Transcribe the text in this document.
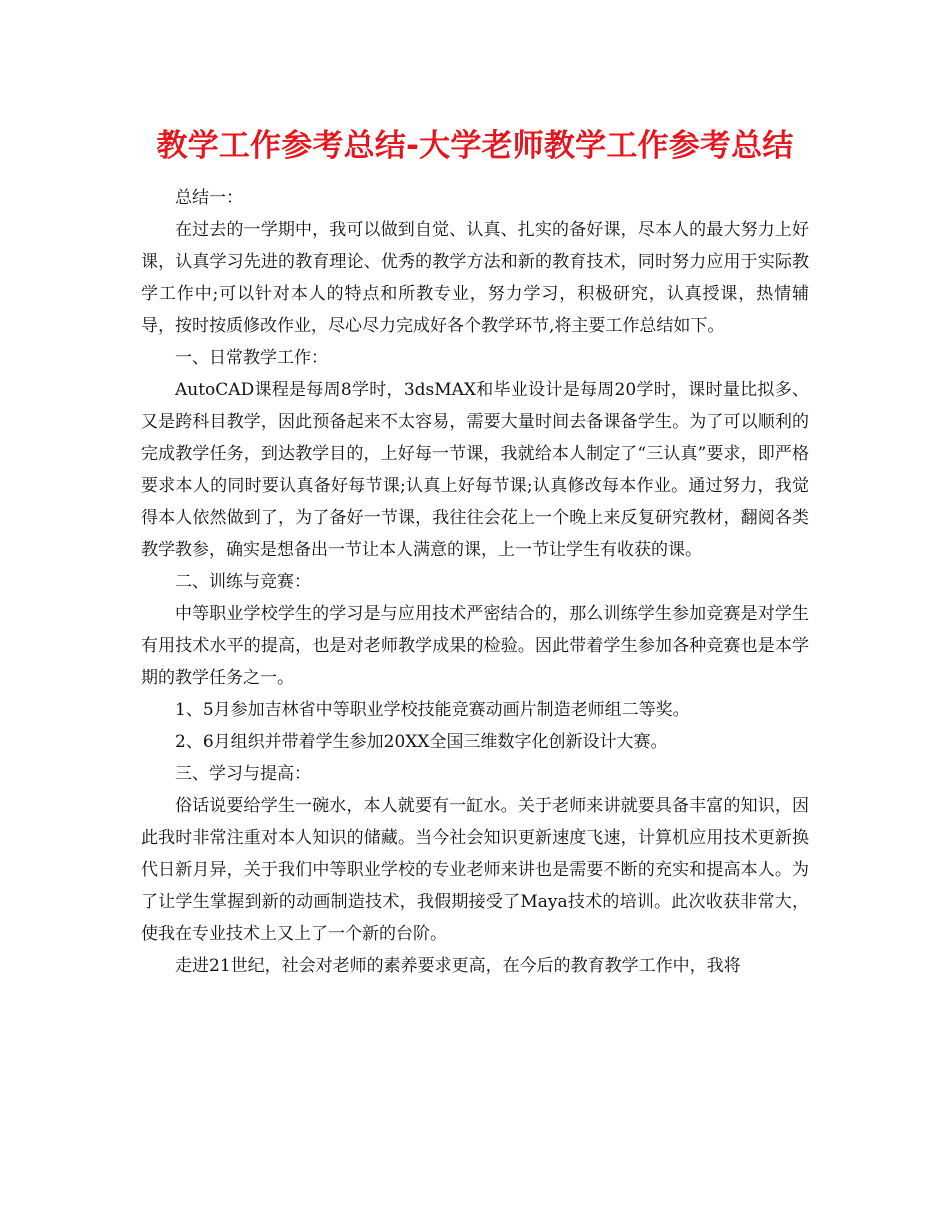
教学工作参考总结-大学老师教学工作参考总结

总结一：

在过去的一学期中，我可以做到自觉、认真、扎实的备好课，尽本人的最大努力上好课，认真学习先进的教育理论、优秀的教学方法和新的教育技术，同时努力应用于实际教学工作中;可以针对本人的特点和所教专业，努力学习，积极研究，认真授课，热情辅导，按时按质修改作业，尽心尽力完成好各个教学环节,将主要工作总结如下。

一、日常教学工作：

AutoCAD课程是每周8学时，3dsMAX和毕业设计是每周20学时，课时量比拟多、又是跨科目教学，因此预备起来不太容易，需要大量时间去备课备学生。为了可以顺利的完成教学任务，到达教学目的，上好每一节课，我就给本人制定了“三认真”要求，即严格要求本人的同时要认真备好每节课;认真上好每节课;认真修改每本作业。通过努力，我觉得本人依然做到了，为了备好一节课，我往往会花上一个晚上来反复研究教材，翻阅各类教学教参，确实是想备出一节让本人满意的课，上一节让学生有收获的课。

二、训练与竞赛：

中等职业学校学生的学习是与应用技术严密结合的，那么训练学生参加竞赛是对学生有用技术水平的提高，也是对老师教学成果的检验。因此带着学生参加各种竞赛也是本学期的教学任务之一。

1、5月参加吉林省中等职业学校技能竞赛动画片制造老师组二等奖。

2、6月组织并带着学生参加20XX全国三维数字化创新设计大赛。

三、学习与提高：

俗话说要给学生一碗水，本人就要有一缸水。关于老师来讲就要具备丰富的知识，因此我时非常注重对本人知识的储藏。当今社会知识更新速度飞速，计算机应用技术更新换代日新月异，关于我们中等职业学校的专业老师来讲也是需要不断的充实和提高本人。为了让学生掌握到新的动画制造技术，我假期接受了Maya技术的培训。此次收获非常大，使我在专业技术上又上了一个新的台阶。

走进21世纪，社会对老师的素养要求更高，在今后的教育教学工作中，我将
